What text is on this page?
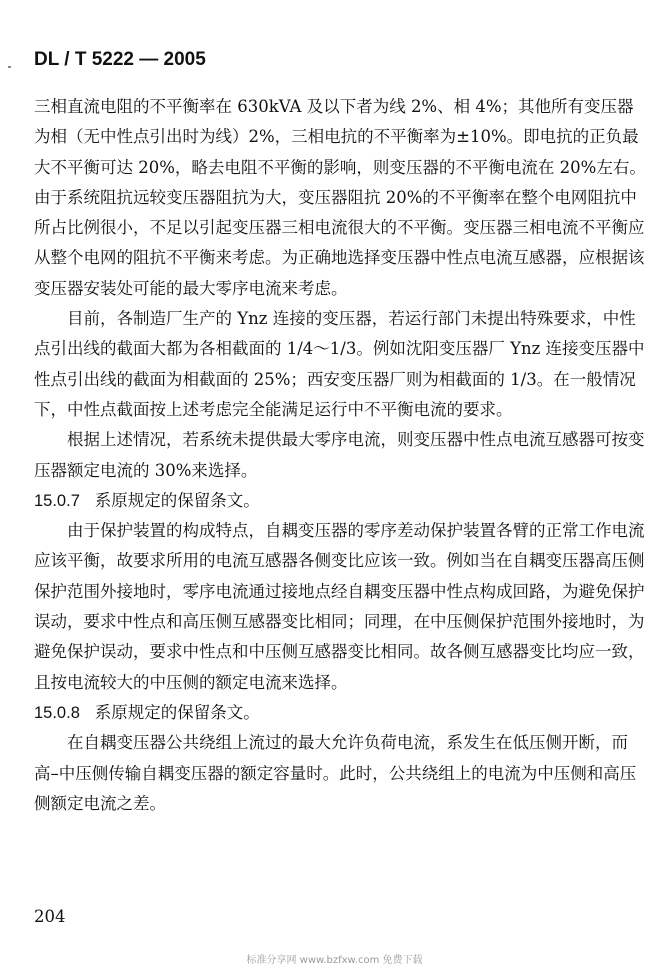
DL / T 5222 — 2005

三相直流电阻的不平衡率在 630kVA 及以下者为线 2%、相 4%；其他所有变压器为相（无中性点引出时为线）2%，三相电抗的不平衡率为±10%。即电抗的正负最大不平衡可达 20%，略去电阻不平衡的影响，则变压器的不平衡电流在 20%左右。由于系统阻抗远较变压器阻抗为大，变压器阻抗 20%的不平衡率在整个电网阻抗中所占比例很小，不足以引起变压器三相电流很大的不平衡。变压器三相电流不平衡应从整个电网的阻抗不平衡来考虑。为正确地选择变压器中性点电流互感器，应根据该变压器安装处可能的最大零序电流来考虑。

目前，各制造厂生产的 Ynz 连接的变压器，若运行部门未提出特殊要求，中性点引出线的截面大都为各相截面的 1/4～1/3。例如沈阳变压器厂 Ynz 连接变压器中性点引出线的截面为相截面的 25%；西安变压器厂则为相截面的 1/3。在一般情况下，中性点截面按上述考虑完全能满足运行中不平衡电流的要求。

根据上述情况，若系统未提供最大零序电流，则变压器中性点电流互感器可按变压器额定电流的 30%来选择。

15.0.7 系原规定的保留条文。

由于保护装置的构成特点，自耦变压器的零序差动保护装置各臂的正常工作电流应该平衡，故要求所用的电流互感器各侧变比应该一致。例如当在自耦变压器高压侧保护范围外接地时，零序电流通过接地点经自耦变压器中性点构成回路，为避免保护误动，要求中性点和高压侧互感器变比相同；同理，在中压侧保护范围外接地时，为避免保护误动，要求中性点和中压侧互感器变比相同。故各侧互感器变比均应一致，且按电流较大的中压侧的额定电流来选择。

15.0.8 系原规定的保留条文。

在自耦变压器公共绕组上流过的最大允许负荷电流，系发生在低压侧开断，而高–中压侧传输自耦变压器的额定容量时。此时，公共绕组上的电流为中压侧和高压侧额定电流之差。

204
标准分享网 www.bzfxw.com 免费下载
